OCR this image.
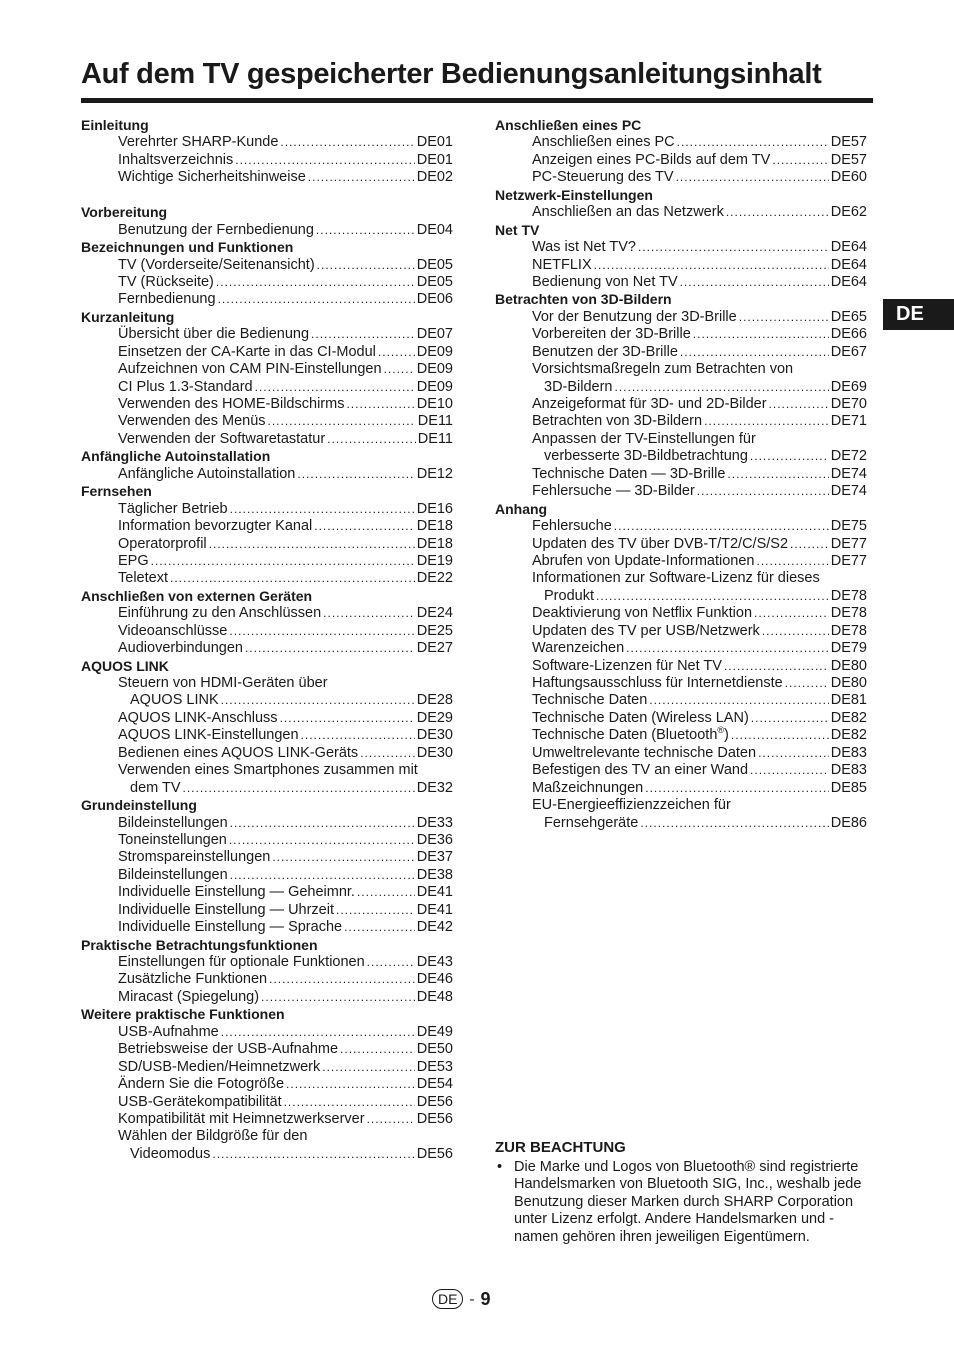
Auf dem TV gespeicherter Bedienungsanleitungsinhalt
Einleitung
Verehrter SHARP-Kunde .....	DE01
Inhaltsverzeichnis .....	DE01
Wichtige Sicherheitshinweise .....	DE02
Vorbereitung
Benutzung der Fernbedienung .....	DE04
Bezeichnungen und Funktionen
TV (Vorderseite/Seitenansicht) .....	DE05
TV (Rückseite) .....	DE05
Fernbedienung .....	DE06
Kurzanleitung
Übersicht über die Bedienung .....	DE07
Einsetzen der CA-Karte in das CI-Modul .....	DE09
Aufzeichnen von CAM PIN-Einstellungen ..... DE09
CI Plus 1.3-Standard .....	DE09
Verwenden des HOME-Bildschirms .....	DE10
Verwenden des Menüs .....	DE11
Verwenden der Softwaretastatur .....	DE11
Anfängliche Autoinstallation
Anfängliche Autoinstallation .....	DE12
Fernsehen
Täglicher Betrieb .....	DE16
Information bevorzugter Kanal .....	DE18
Operatorprofil .....	DE18
EPG .....	DE19
Teletext .....	DE22
Anschließen von externen Geräten
Einführung zu den Anschlüssen .....	DE24
Videoanschlüsse .....	DE25
Audioverbindungen .....	DE27
AQUOS LINK
Steuern von HDMI-Geräten über
AQUOS LINK .....	DE28
AQUOS LINK-Anschluss .....	DE29
AQUOS LINK-Einstellungen .....	DE30
Bedienen eines AQUOS LINK-Geräts .....	DE30
Verwenden eines Smartphones zusammen mit
dem TV .....	DE32
Grundeinstellung
Bildeinstellungen .....	DE33
Toneinstellungen .....	DE36
Stromspareinstellungen .....	DE37
Bildeinstellungen .....	DE38
Individuelle Einstellung — Geheimnr. .....	DE41
Individuelle Einstellung — Uhrzeit .....	DE41
Individuelle Einstellung — Sprache .....	DE42
Praktische Betrachtungsfunktionen
Einstellungen für optionale Funktionen .....	DE43
Zusätzliche Funktionen .....	DE46
Miracast (Spiegelung) .....	DE48
Weitere praktische Funktionen
USB-Aufnahme .....	DE49
Betriebsweise der USB-Aufnahme .....	DE50
SD/USB-Medien/Heimnetzwerk .....	DE53
Ändern Sie die Fotogröße .....	DE54
USB-Gerätekompatibilität .....	DE56
Kompatibilität mit Heimnetzwerkserver .....	DE56
Wählen der Bildgröße für den
Videomodus .....	DE56
Anschließen eines PC
Anschließen eines PC .....	DE57
Anzeigen eines PC-Bilds auf dem TV .....	DE57
PC-Steuerung des TV .....	DE60
Netzwerk-Einstellungen
Anschließen an das Netzwerk .....	DE62
Net TV
Was ist Net TV? .....	DE64
NETFLIX .....	DE64
Bedienung von Net TV .....	DE64
Betrachten von 3D-Bildern
Vor der Benutzung der 3D-Brille .....	DE65
Vorbereiten der 3D-Brille .....	DE66
Benutzen der 3D-Brille .....	DE67
Vorsichtsmaßregeln zum Betrachten von
3D-Bildern .....	DE69
Anzeigeformat für 3D- und 2D-Bilder .....	DE70
Betrachten von 3D-Bildern .....	DE71
Anpassen der TV-Einstellungen für
verbesserte 3D-Bildbetrachtung .....	DE72
Technische Daten — 3D-Brille .....	DE74
Fehlersuche — 3D-Bilder .....	DE74
Anhang
Fehlersuche .....	DE75
Updaten des TV über DVB-T/T2/C/S/S2 .....	DE77
Abrufen von Update-Informationen .....	DE77
Informationen zur Software-Lizenz für dieses
Produkt .....	DE78
Deaktivierung von Netflix Funktion .....	DE78
Updaten des TV per USB/Netzwerk .....	DE78
Warenzeichen .....	DE79
Software-Lizenzen für Net TV .....	DE80
Haftungsausschluss für Internetdienste .....	DE80
Technische Daten .....	DE81
Technische Daten (Wireless LAN) .....	DE82
Technische Daten (Bluetooth®) .....	DE82
Umweltrelevante technische Daten .....	DE83
Befestigen des TV an einer Wand .....	DE83
Maßzeichnungen .....	DE85
EU-Energieeffizienzzeichen für
Fernsehgeräte .....	DE86
DE
ZUR BEACHTUNG
• Die Marke und Logos von Bluetooth® sind registrierte Handelsmarken von Bluetooth SIG, Inc., weshalb jede Benutzung dieser Marken durch SHARP Corporation unter Lizenz erfolgt. Andere Handelsmarken und -namen gehören ihren jeweiligen Eigentümern.
DE - 9
